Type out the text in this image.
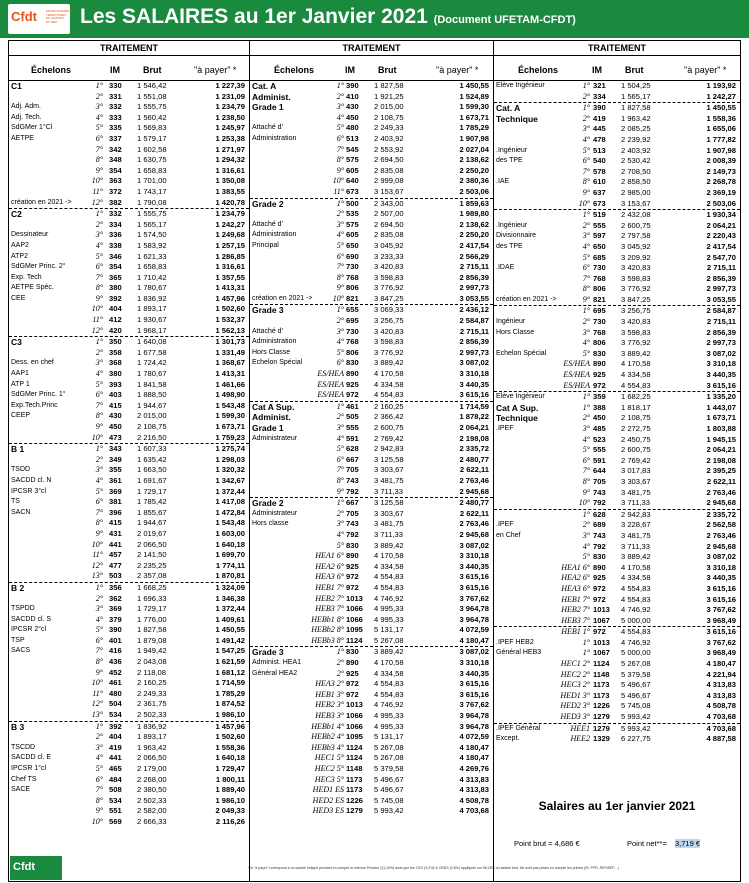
Cfdt	ENVIRONNEMENT TERRITOIRES DE GRANDS ET MER	Les SALAIRES au 1er Janvier 2021 (Document UFETAM-CFDT)
TRAITEMENT
Échelons	IM	Brut	"à payer" *
C1	1° 330 1 546,42	1 227,39
2° 331 1 551,08	1 231,09
Adj. Adm.	3° 332 1 555,75	1 234,79
Adj. Tech.	4° 333 1 560,42	1 238,50
SdGMer 1°Cl	5° 335 1 569,83	1 245,97
AETPE	6° 337 1 579,17	1 253,38
7° 342 1 602,58	1 271,97
8° 348 1 630,75	1 294,32
9° 354 1 658,83	1 316,61
10° 363 1 701,00	1 350,08
11° 372 1 743,17	1 383,55
création en 2021 ->	12° 382 1 790,08	1 420,78
C2	1° 332 1 555,75	1 234,79
2° 334 1 565,17	1 242,27
Dessinateur	3° 336 1 574,50	1 249,68
AAP2	4° 338 1 583,92	1 257,15
ATP2	5° 346 1 621,33	1 286,85
SdGMer Princ. 2°	6° 354 1 658,83	1 316,61
Exp. Tech	7° 365 1 710,42	1 357,55
AETPE Spéc.	8° 380 1 780,67	1 413,31
CEE	9° 392 1 836,92	1 457,96
10° 404 1 893,17	1 502,60
11° 412 1 930,67	1 532,37
12° 420 1 968,17	1 562,13
C3	1° 350 1 640,08	1 301,73
2° 358 1 677,58	1 331,49
Dess. en chef	3° 368 1 724,42	1 368,67
AAP1	4° 380 1 780,67	1 413,31
ATP 1	5° 393 1 841,58	1 461,66
SdGMer Princ. 1°	6° 403 1 888,50	1 498,90
Exp.Tech.Princ	7° 415 1 944,67	1 543,48
CEEP	8° 430 2 015,00	1 599,30
9° 450 2 108,75	1 673,71
10° 473 2 216,50	1 759,23
B 1	1° 343 1 607,33	1 275,74
2° 349 1 635,42	1 298,03
TSDD	3° 355 1 663,50	1 320,32
SACDD cl. N	4° 361 1 691,67	1 342,67
IPCSR 3°cl	5° 369 1 729,17	1 372,44
TS	6° 381 1 785,42	1 417,08
SACN	7° 396 1 855,67	1 472,84
8° 415 1 944,67	1 543,48
9° 431 2 019,67	1 603,00
10° 441 2 066,50	1 640,18
11° 457 2 141,50	1 699,70
12° 477 2 235,25	1 774,11
13° 503 2 357,08	1 870,81
B 2	1° 356 1 668,25	1 324,09
2° 362 1 696,33	1 346,38
TSPDD	3° 369 1 729,17	1 372,44
SACDD cl. S	4° 379 1 776,00	1 409,61
IPCSR 2°cl	5° 390 1 827,58	1 450,55
TSP	6° 401 1 879,08	1 491,42
SACS	7° 416 1 949,42	1 547,25
8° 436 2 043,08	1 621,59
9° 452 2 118,08	1 681,12
10° 461 2 160,25	1 714,59
11° 480 2 249,33	1 785,29
12° 504 2 361,75	1 874,52
13° 534 2 502,33	1 986,10
B 3	1° 392 1 836,92	1 457,96
2° 404 1 893,17	1 502,60
TSCDD	3° 419 1 963,42	1 558,36
SACDD cl. E	4° 441 2 066,50	1 640,18
IPCSR 1°cl	5° 465 2 179,00	1 729,47
Chef TS	6° 484 2 268,00	1 800,11
SACE	7° 508 2 380,50	1 889,40
8° 534 2 502,33	1 986,10
9° 551 2 582,00	2 049,33
10° 569 2 666,33	2 116,26
TRAITEMENT
Échelons	IM	Brut	"à payer" *
Cat. A	1° 390 1 827,58	1 450,55
Administ.	2° 410 1 921,25	1 524,89
Grade 1	3° 430 2 015,00	1 599,30
4° 450 2 108,75	1 673,71
Attaché d'	5° 480 2 249,33	1 785,29
Administration	6° 513 2 403,92	1 907,98
7° 545 2 553,92	2 027,04
8° 575 2 694,50	2 138,62
9° 605 2 835,08	2 250,20
10° 640 2 999,08	2 380,36
11° 673 3 153,67	2 503,06
Grade 2	1° 500 2 343,00	1 859,63
2° 535 2 507,00	1 989,80
Attaché d'	3° 575 2 694,50	2 138,62
Administration	4° 605 2 835,08	2 250,20
Principal	5° 650 3 045,92	2 417,54
6° 690 3 233,33	2 566,29
7° 730 3 420,83	2 715,11
8° 768 3 598,83	2 856,39
9° 806 3 776,92	2 997,73
création en 2021 ->	10° 821 3 847,25	3 053,55
Grade 3	1° 655 3 069,33	2 436,12
2° 695 3 256,75	2 584,87
Attaché d'	3° 730 3 420,83	2 715,11
Administration	4° 768 3 598,83	2 856,39
Hors Classe	5° 806 3 776,92	2 997,73
Echelon Spécial	6° 830 3 889,42	3 087,02
ES/HEA 890 4 170,58	3 310,18
ES/HEA 925 4 334,58	3 440,35
ES/HEA 972 4 554,83	3 615,16
Cat A Sup.	1° 461 2 160,25	1 714,59
Administ.	2° 505 2 366,42	1 878,22
Grade 1	3° 555 2 600,75	2 064,21
Administrateur	4° 591 2 769,42	2 198,08
5° 628 2 942,83	2 335,72
6° 667 3 125,58	2 480,77
7° 705 3 303,67	2 622,11
8° 743 3 481,75	2 763,46
9° 792 3 711,33	2 945,68
Grade 2	1° 667 3 125,58	2 480,77
Administrateur	2° 705 3 303,67	2 622,11
Hors classe	3° 743 3 481,75	2 763,46
4° 792 3 711,33	2 945,68
5° 830 3 889,42	3 087,02
HEA1 6° 890 4 170,58	3 310,18
HEA2 6° 925 4 334,58	3 440,35
HEA3 6° 972 4 554,83	3 615,16
HEB1 7° 972 4 554,83	3 615,16
HEB2 7° 1013 4 746,92	3 767,62
HEB3 7° 1066 4 995,33	3 964,78
HEBb1 8° 1066 4 995,33	3 964,78
HEBb2 8° 1095 5 131,17	4 072,59
HEBb3 8° 1124 5 267,08	4 180,47
Grade 3	1° 830 3 889,42	3 087,02
Administ. HEA1	2° 890 4 170,58	3 310,18
Général HEA2	2° 925 4 334,58	3 440,35
HEA3 2° 972 4 554,83	3 615,16
HEB1 3° 972 4 554,83	3 615,16
HEB2 3° 1013 4 746,92	3 767,62
HEB3 3° 1066 4 995,33	3 964,78
HEBb1 4° 1066 4 995,33	3 964,78
HEBb2 4° 1095 5 131,17	4 072,59
HEBb3 4° 1124 5 267,08	4 180,47
HEC1 5° 1124 5 267,08	4 180,47
HEC2 5° 1148 5 379,58	4 269,76
HEC3 5° 1173 5 496,67	4 313,83
HED1 ES 1173 5 496,67	4 313,83
HED2 ES 1226 5 745,08	4 508,78
HED3 ES 1279 5 993,42	4 703,68
TRAITEMENT
Échelons	IM	Brut	"à payer" *
Elève Ingénieur	1° 321 1 504,25	1 193,92
2° 334 1 565,17	1 242,27
Cat. A	1° 390 1 827,58	1 450,55
Technique	2° 419 1 963,42	1 558,36
3° 445 2 085,25	1 655,06
4° 478 2 239,92	1 777,82
.Ingénieur	5° 513 2 403,92	1 907,98
des TPE	6° 540 2 530,42	2 008,39
7° 578 2 708,50	2 149,73
.IAE	8° 610 2 858,50	2 268,78
9° 637 2 985,00	2 369,19
10° 673 3 153,67	2 503,06
1° 519 2 432,08	1 930,34
.Ingénieur	2° 555 2 600,75	2 064,21
Divisionnaire	3° 597 2 797,58	2 220,43
des TPE	4° 650 3 045,92	2 417,54
5° 685 3 209,92	2 547,70
.IDAE	6° 730 3 420,83	2 715,11
7° 768 3 598,83	2 856,39
8° 806 3 776,92	2 997,73
création en 2021 ->	9° 821 3 847,25	3 053,55
1° 695 3 256,75	2 584,87
Ingénieur	2° 730 3 420,83	2 715,11
Hors Classe	3° 768 3 598,83	2 856,39
4° 806 3 776,92	2 997,73
Echelon Spécial	5° 830 3 889,42	3 087,02
ES/HEA 890 4 170,58	3 310,18
ES/HEA 925 4 334,58	3 440,35
ES/HEA 972 4 554,83	3 615,16
Elève Ingénieur	1° 359 1 682,25	1 335,20
Cat A Sup.	1° 388 1 818,17	1 443,07
Technique	2° 450 2 108,75	1 673,71
.IPEF	3° 485 2 272,75	1 803,88
4° 523 2 450,75	1 945,15
5° 555 2 600,75	2 064,21
6° 591 2 769,42	2 198,08
7° 644 3 017,83	2 395,25
8° 705 3 303,67	2 622,11
9° 743 3 481,75	2 763,46
10° 792 3 711,33	2 945,68
1° 628 2 942,83	2 335,72
.IPEF	2° 689 3 228,67	2 562,58
en Chef	3° 743 3 481,75	2 763,46
4° 792 3 711,33	2 945,68
5° 830 3 889,42	3 087,02
HEA1 6° 890 4 170,58	3 310,18
HEA2 6° 925 4 334,58	3 440,35
HEA3 6° 972 4 554,83	3 615,16
HEB1 7° 972 4 554,83	3 615,16
HEB2 7° 1013 4 746,92	3 767,62
HEB3 7° 1067 5 000,00	3 968,49
HEB1 1° 972 4 554,83	3 615,16
.IPEF HEB2	1° 1013 4 746,92	3 767,62
Général HEB3	1° 1067 5 000,00	3 968,49
HEC1 2° 1124 5 267,08	4 180,47
HEC2 2° 1148 5 379,58	4 221,94
HEC3 2° 1173 5 496,67	4 313,83
HED1 3° 1173 5 496,67	4 313,83
HED2 3° 1226 5 745,08	4 508,78
HED3 3° 1279 5 993,42	4 703,68
.IPEF Général	HEE1 1279 5 993,42	4 703,68
Except.	HEE2 1329 6 227,75	4 887,58
Salaires au 1er janvier 2021
Point brut = 4,686 €	Point net**= 3,719 €
Cfdt	* le "à payer" correspond à un salarié Indiqué pendant en compte la retenue Pension (11,10%) ainsi que les CSG (9,2%) & CRDS (0,5%) appliquée sur 98,25% du salaire brut. Ne sont pas prises en compte les primes (IR, PFR, RIFSEEP…)
